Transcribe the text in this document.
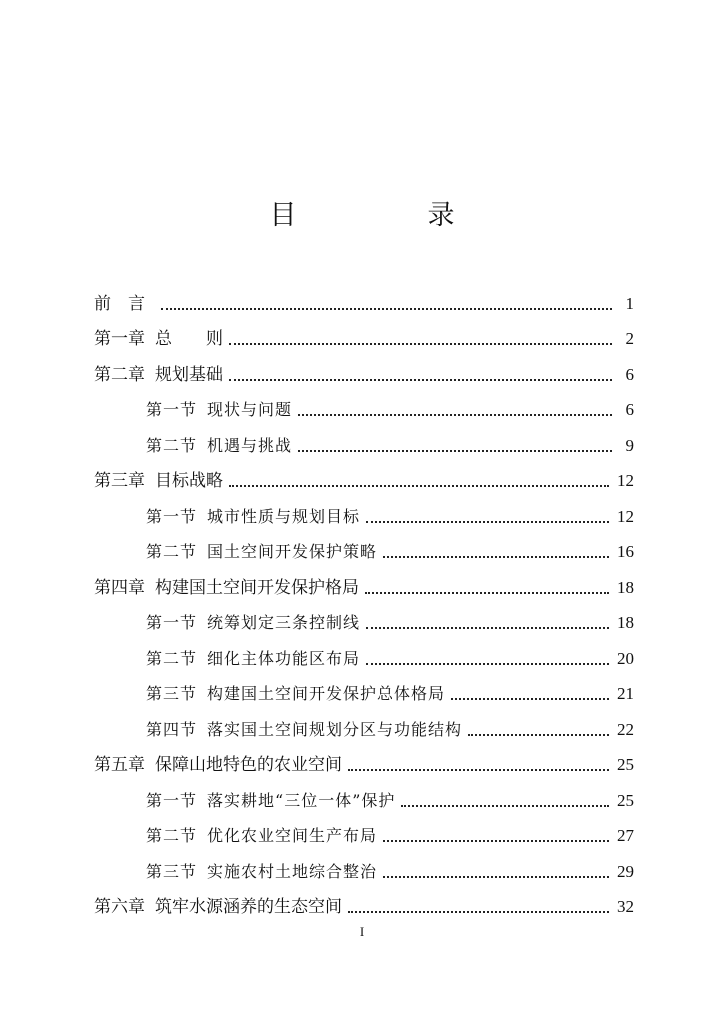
目　录
前　言	1
第一章 总　　则	2
第二章 规划基础	6
第一节 现状与问题	6
第二节 机遇与挑战	9
第三章 目标战略	12
第一节 城市性质与规划目标	12
第二节 国土空间开发保护策略	16
第四章 构建国土空间开发保护格局	18
第一节 统筹划定三条控制线	18
第二节 细化主体功能区布局	20
第三节 构建国土空间开发保护总体格局	21
第四节 落实国土空间规划分区与功能结构	22
第五章 保障山地特色的农业空间	25
第一节 落实耕地“三位一体”保护	25
第二节 优化农业空间生产布局	27
第三节 实施农村土地综合整治	29
第六章 筑牢水源涵养的生态空间	32
I
